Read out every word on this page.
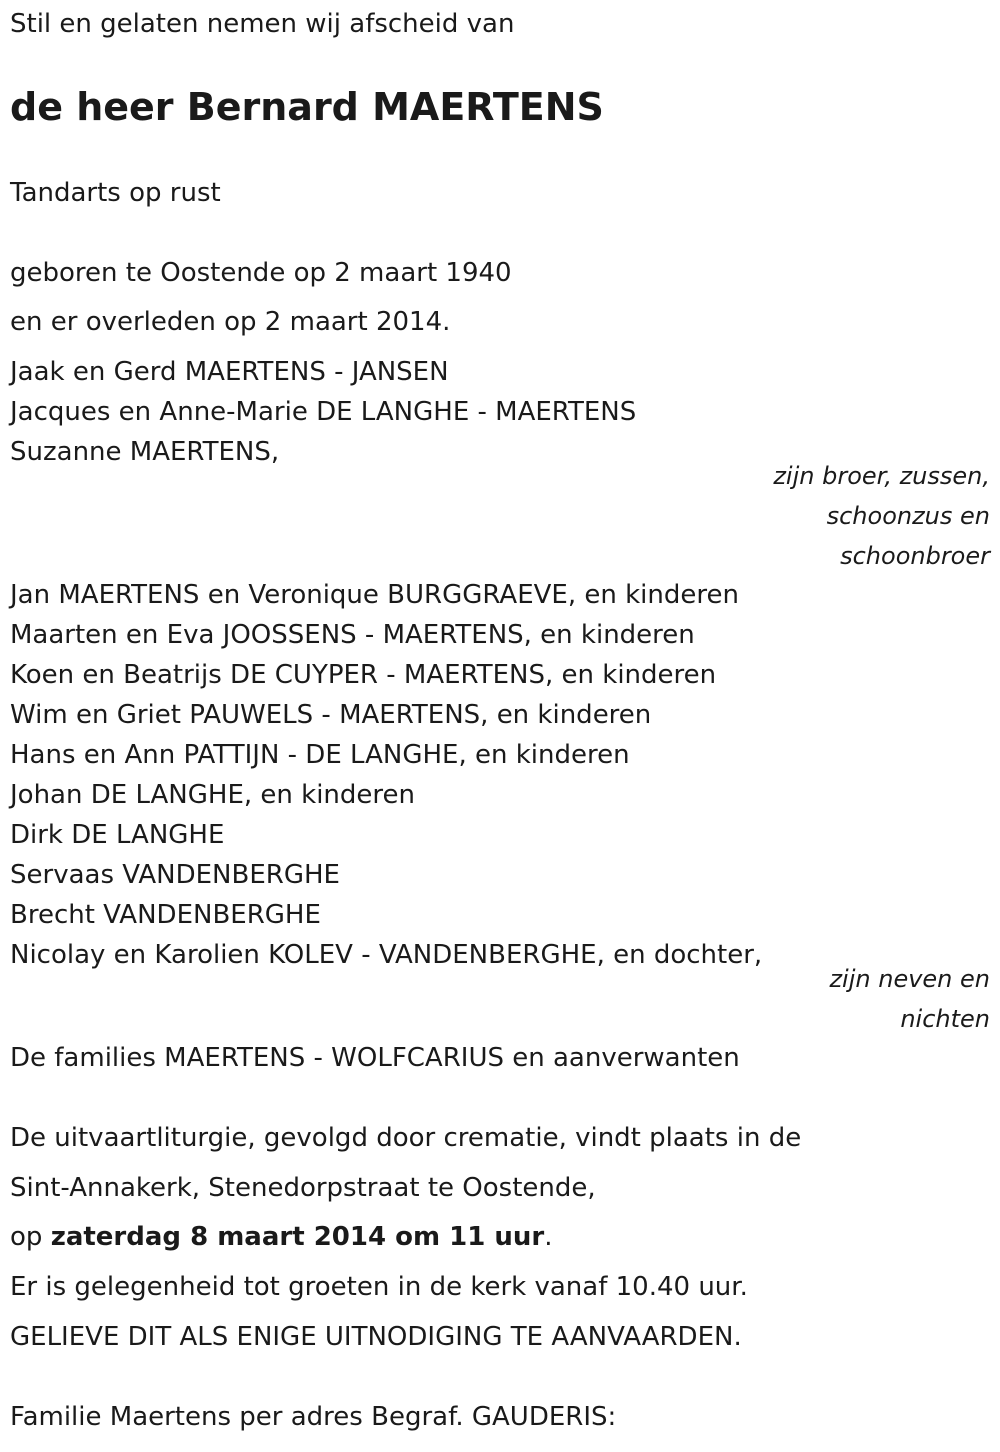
Stil en gelaten nemen wij afscheid van

de heer Bernard MAERTENS

Tandarts op rust

geboren te Oostende op 2 maart 1940

en er overleden op 2 maart 2014.

Jaak en Gerd MAERTENS - JANSEN

Jacques en Anne-Marie DE LANGHE - MAERTENS

Suzanne MAERTENS,

zijn broer, zussen,
schoonzus en
schoonbroer

Jan MAERTENS en Veronique BURGGRAEVE, en kinderen

Maarten en Eva JOOSSENS - MAERTENS, en kinderen

Koen en Beatrijs DE CUYPER - MAERTENS, en kinderen

Wim en Griet PAUWELS - MAERTENS, en kinderen

Hans en Ann PATTIJN - DE LANGHE, en kinderen

Johan DE LANGHE, en kinderen

Dirk DE LANGHE

Servaas VANDENBERGHE

Brecht VANDENBERGHE

Nicolay en Karolien KOLEV - VANDENBERGHE, en dochter,

zijn neven en
nichten

De families MAERTENS - WOLFCARIUS en aanverwanten

De uitvaartliturgie, gevolgd door crematie, vindt plaats in de

Sint-Annakerk, Stenedorpstraat te Oostende,

op zaterdag 8 maart 2014 om 11 uur.

Er is gelegenheid tot groeten in de kerk vanaf 10.40 uur.

GELIEVE DIT ALS ENIGE UITNODIGING TE AANVAARDEN.

Familie Maertens per adres Begraf. GAUDERIS:
